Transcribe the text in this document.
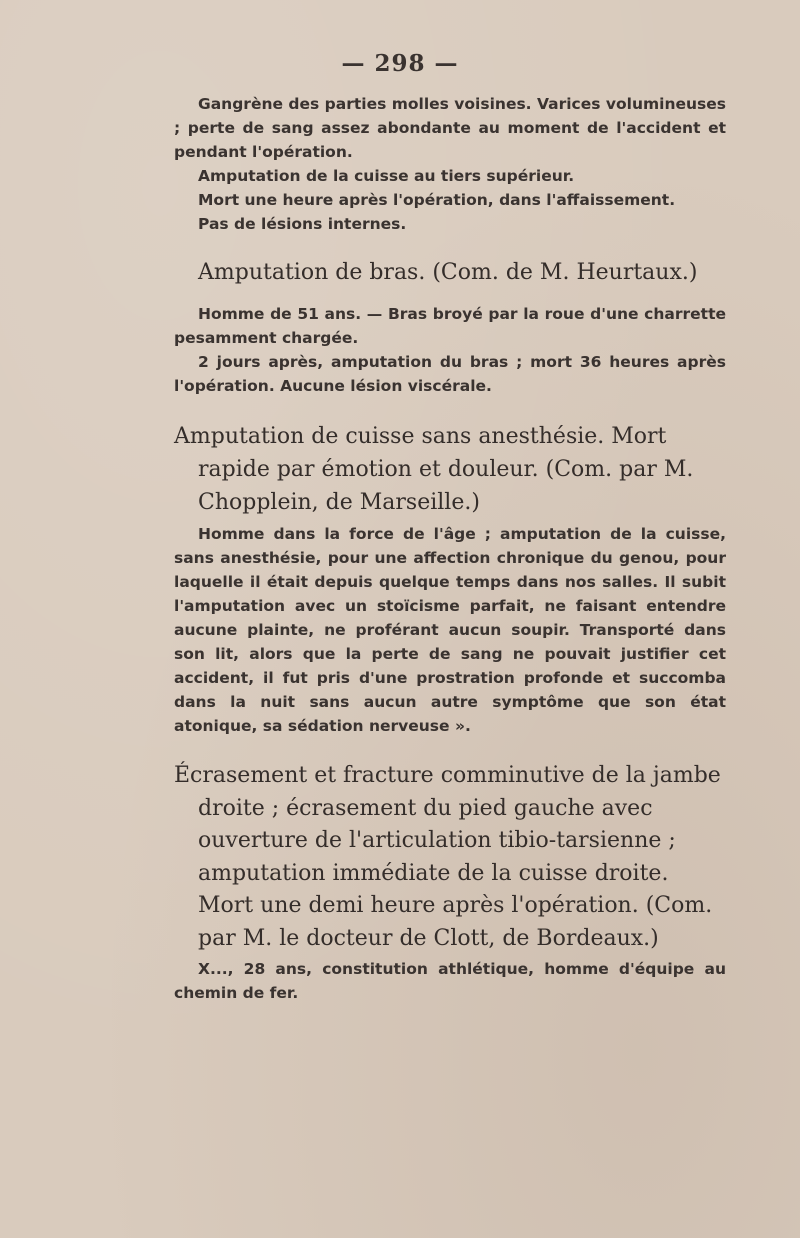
— 298 —

Gangrène des parties molles voisines. Varices volumineuses ; perte de sang assez abondante au moment de l'accident et pendant l'opération.

Amputation de la cuisse au tiers supérieur.

Mort une heure après l'opération, dans l'affaissement.

Pas de lésions internes.

Amputation de bras. (Com. de M. Heurtaux.)

Homme de 51 ans. — Bras broyé par la roue d'une charrette pesamment chargée.

2 jours après, amputation du bras ; mort 36 heures après l'opération. Aucune lésion viscérale.

Amputation de cuisse sans anesthésie. Mort rapide par émotion et douleur. (Com. par M. Chopplein, de Marseille.)

Homme dans la force de l'âge ; amputation de la cuisse, sans anesthésie, pour une affection chronique du genou, pour laquelle il était depuis quelque temps dans nos salles. Il subit l'amputation avec un stoïcisme parfait, ne faisant entendre aucune plainte, ne proférant aucun soupir. Transporté dans son lit, alors que la perte de sang ne pouvait justifier cet accident, il fut pris d'une prostration profonde et succomba dans la nuit sans aucun autre symptôme que son état atonique, sa sédation nerveuse ».

Écrasement et fracture comminutive de la jambe droite ; écrasement du pied gauche avec ouverture de l'articulation tibio-tarsienne ; amputation immédiate de la cuisse droite. Mort une demi heure après l'opération. (Com. par M. le docteur de Clott, de Bordeaux.)

X..., 28 ans, constitution athlétique, homme d'équipe au chemin de fer.
